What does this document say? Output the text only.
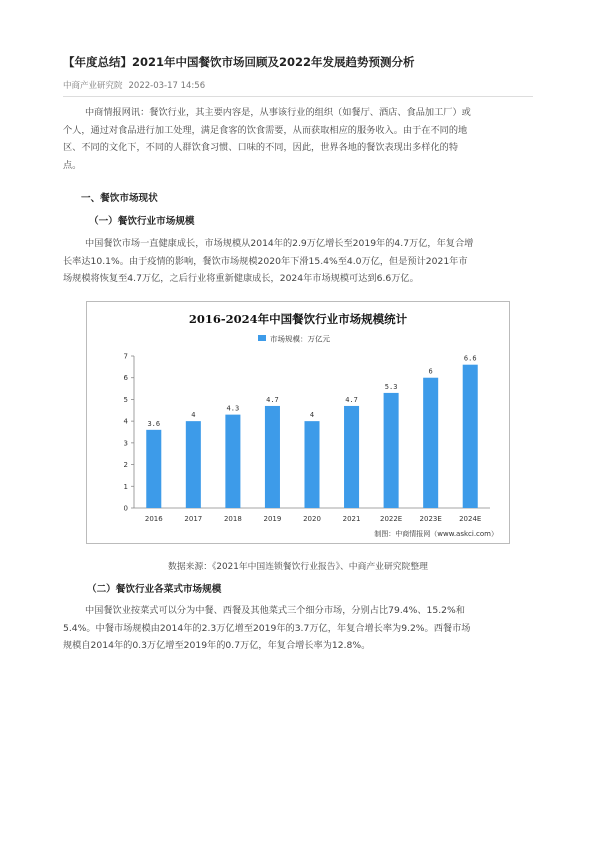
【年度总结】2021年中国餐饮市场回顾及2022年发展趋势预测分析
中商产业研究院 2022-03-17 14:56
中商情报网讯：餐饮行业，其主要内容是，从事该行业的组织（如餐厅、酒店、食品加工厂）或
个人，通过对食品进行加工处理，满足食客的饮食需要，从而获取相应的服务收入。由于在不同的地
区、不同的文化下，不同的人群饮食习惯、口味的不同，因此，世界各地的餐饮表现出多样化的特
点。
一、餐饮市场现状
（一）餐饮行业市场规模
中国餐饮市场一直健康成长，市场规模从2014年的2.9万亿增长至2019年的4.7万亿，年复合增
长率达10.1%。由于疫情的影响，餐饮市场规模2020年下滑15.4%至4.0万亿，但是预计2021年市
场规模将恢复至4.7万亿，之后行业将重新健康成长，2024年市场规模可达到6.6万亿。
2016-2024年中国餐饮行业市场规模统计
市场规模：万亿元
0
1
2
3
4
5
6
7
3.6
2016
4
2017
4.3
2018
4.7
2019
4
2020
4.7
2021
5.3
2022E
6
2023E
6.6
2024E
制图：中商情报网（www.askci.com）
数据来源：《2021年中国连锁餐饮行业报告》、中商产业研究院整理
（二）餐饮行业各菜式市场规模
中国餐饮业按菜式可以分为中餐、西餐及其他菜式三个细分市场，分别占比79.4%、15.2%和
5.4%。中餐市场规模由2014年的2.3万亿增至2019年的3.7万亿，年复合增长率为9.2%。西餐市场
规模自2014年的0.3万亿增至2019年的0.7万亿，年复合增长率为12.8%。
